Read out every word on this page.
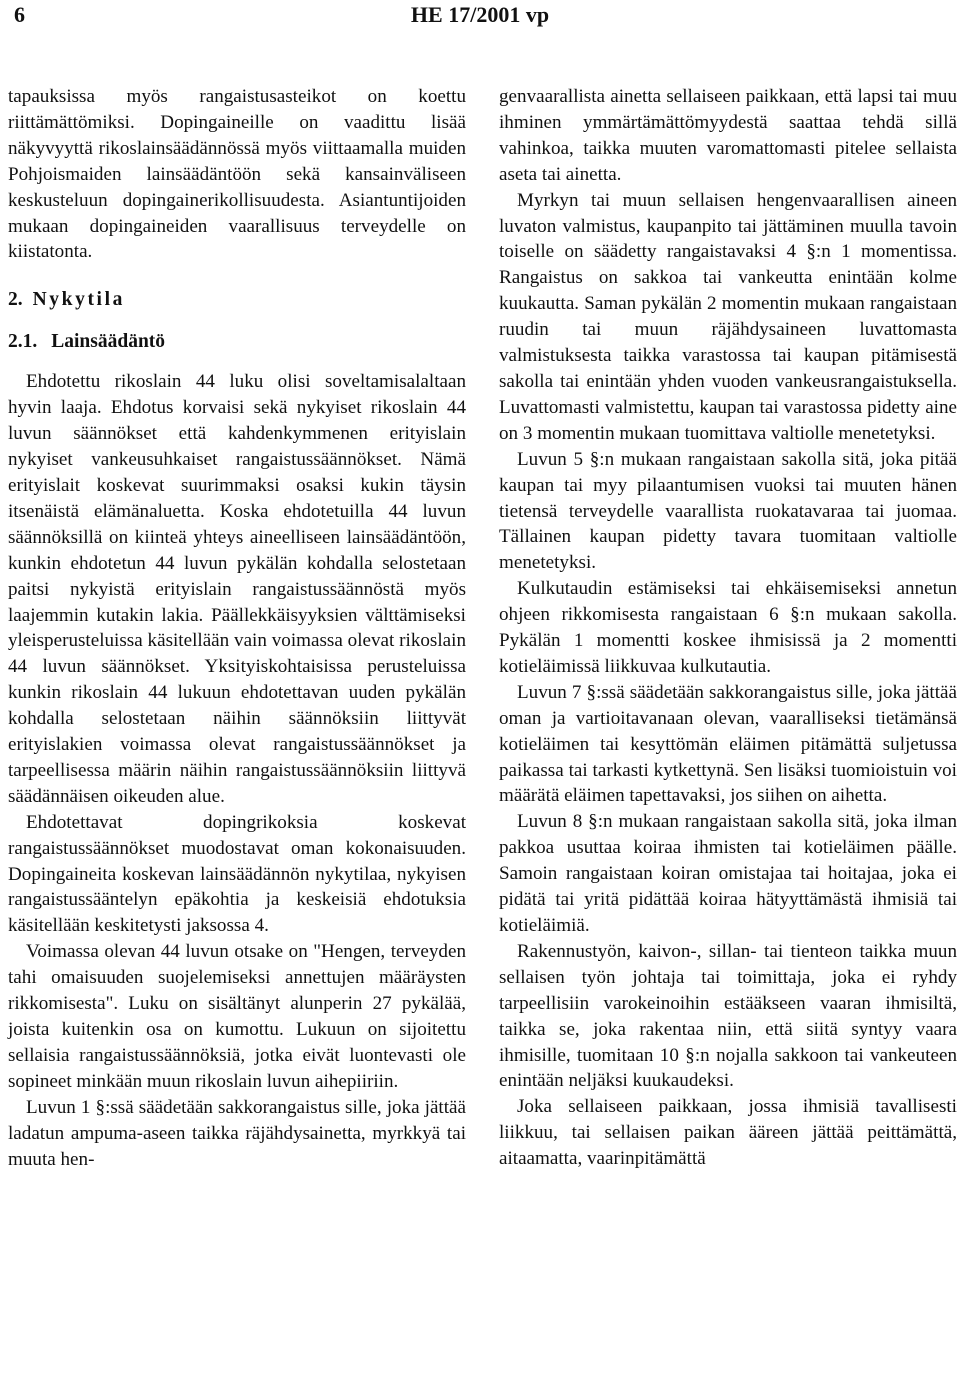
6	HE 17/2001 vp

tapauksissa myös rangaistusasteikot on koettu riittämättömiksi. Dopingaineille on vaadittu lisää näkyvyyttä rikoslainsäädännössä myös viittaamalla muiden Pohjoismaiden lainsäädäntöön sekä kansainväliseen keskusteluun dopingainerikollisuudesta. Asiantuntijoiden mukaan dopingaineiden vaarallisuus terveydelle on kiistatonta.

2. Nykytila
2.1. Lainsäädäntö

Ehdotettu rikoslain 44 luku olisi soveltamisalaltaan hyvin laaja. Ehdotus korvaisi sekä nykyiset rikoslain 44 luvun säännökset että kahdenkymmenen erityislain nykyiset vankeusuhkaiset rangaistussäännökset. Nämä erityislait koskevat suurimmaksi osaksi kukin täysin itsenäistä elämänaluetta. Koska ehdotetuilla 44 luvun säännöksillä on kiinteä yhteys aineelliseen lainsäädäntöön, kunkin ehdotetun 44 luvun pykälän kohdalla selostetaan paitsi nykyistä erityislain rangaistussäännöstä myös laajemmin kutakin lakia. Päällekkäisyyksien välttämiseksi yleisperusteluissa käsitellään vain voimassa olevat rikoslain 44 luvun säännökset. Yksityiskohtaisissa perusteluissa kunkin rikoslain 44 lukuun ehdotettavan uuden pykälän kohdalla selostetaan näihin säännöksiin liittyvät erityislakien voimassa olevat rangaistussäännökset ja tarpeellisessa määrin näihin rangaistussäännöksiin liittyvä säädännäisen oikeuden alue.

Ehdotettavat dopingrikoksia koskevat rangaistussäännökset muodostavat oman kokonaisuuden. Dopingaineita koskevan lainsäädännön nykytilaa, nykyisen rangaistussääntelyn epäkohtia ja keskeisiä ehdotuksia käsitellään keskitetysti jaksossa 4.

Voimassa olevan 44 luvun otsake on "Hengen, terveyden tahi omaisuuden suojelemiseksi annettujen määräysten rikkomisesta". Luku on sisältänyt alunperin 27 pykälää, joista kuitenkin osa on kumottu. Lukuun on sijoitettu sellaisia rangaistussäännöksiä, jotka eivät luontevasti ole sopineet minkään muun rikoslain luvun aihepiiriin.

Luvun 1 §:ssä säädetään sakkorangaistus sille, joka jättää ladatun ampuma-aseen taikka räjähdysainetta, myrkkyä tai muuta hen-

genvaarallista ainetta sellaiseen paikkaan, että lapsi tai muu ihminen ymmärtämättömyydestä saattaa tehdä sillä vahinkoa, taikka muuten varomattomasti pitelee sellaista aseta tai ainetta.

Myrkyn tai muun sellaisen hengenvaarallisen aineen luvaton valmistus, kaupanpito tai jättäminen muulla tavoin toiselle on säädetty rangaistavaksi 4 §:n 1 momentissa. Rangaistus on sakkoa tai vankeutta enintään kolme kuukautta. Saman pykälän 2 momentin mukaan rangaistaan ruudin tai muun räjähdysaineen luvattomasta valmistuksesta taikka varastossa tai kaupan pitämisestä sakolla tai enintään yhden vuoden vankeusrangaistuksella. Luvattomasti valmistettu, kaupan tai varastossa pidetty aine on 3 momentin mukaan tuomittava valtiolle menetetyksi.

Luvun 5 §:n mukaan rangaistaan sakolla sitä, joka pitää kaupan tai myy pilaantumisen vuoksi tai muuten hänen tietensä terveydelle vaarallista ruokatavaraa tai juomaa. Tällainen kaupan pidetty tavara tuomitaan valtiolle menetetyksi.

Kulkutaudin estämiseksi tai ehkäisemiseksi annetun ohjeen rikkomisesta rangaistaan 6 §:n mukaan sakolla. Pykälän 1 momentti koskee ihmisissä ja 2 momentti kotieläimissä liikkuvaa kulkutautia.

Luvun 7 §:ssä säädetään sakkorangaistus sille, joka jättää oman ja vartioitavanaan olevan, vaaralliseksi tietämänsä kotieläimen tai kesyttömän eläimen pitämättä suljetussa paikassa tai tarkasti kytkettynä. Sen lisäksi tuomioistuin voi määrätä eläimen tapettavaksi, jos siihen on aihetta.

Luvun 8 §:n mukaan rangaistaan sakolla sitä, joka ilman pakkoa usuttaa koiraa ihmisten tai kotieläimen päälle. Samoin rangaistaan koiran omistajaa tai hoitajaa, joka ei pidätä tai yritä pidättää koiraa hätyyttämästä ihmisiä tai kotieläimiä.

Rakennustyön, kaivon-, sillan- tai tienteon taikka muun sellaisen työn johtaja tai toimittaja, joka ei ryhdy tarpeellisiin varokeinoihin estääkseen vaaran ihmisiltä, taikka se, joka rakentaa niin, että siitä syntyy vaara ihmisille, tuomitaan 10 §:n nojalla sakkoon tai vankeuteen enintään neljäksi kuukaudeksi.

Joka sellaiseen paikkaan, jossa ihmisiä tavallisesti liikkuu, tai sellaisen paikan ääreen jättää peittämättä, aitaamatta, vaarinpitämättä
